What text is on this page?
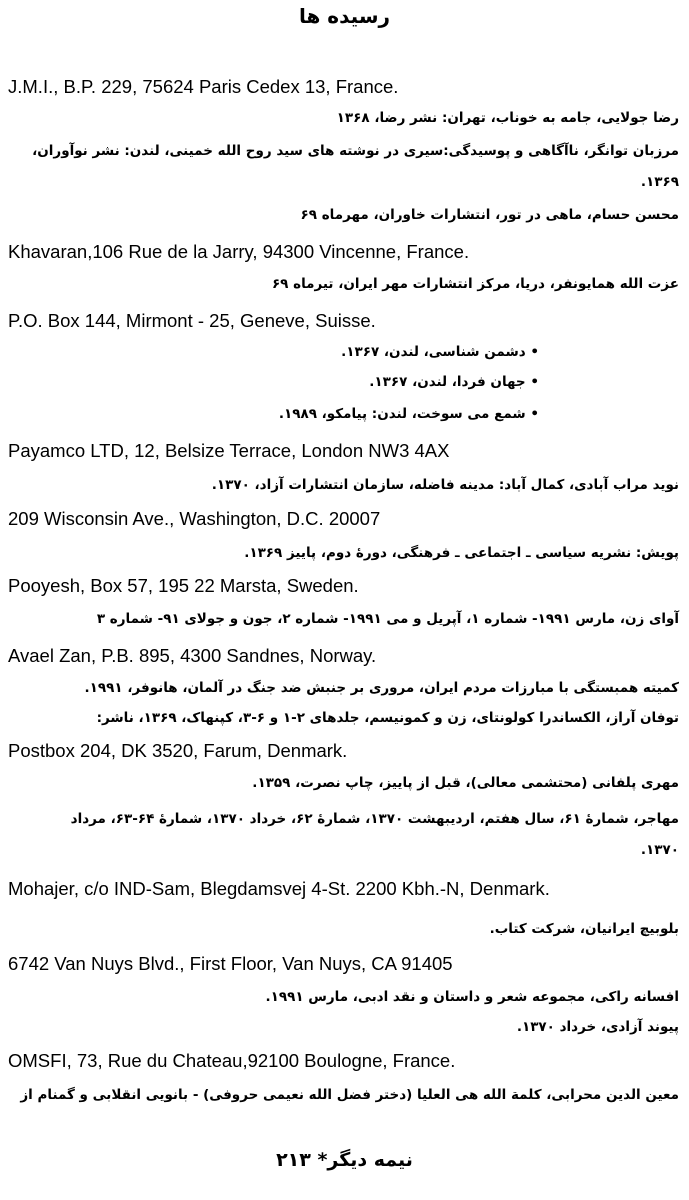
رسیده ها
J.M.I., B.P. 229, 75624 Paris Cedex 13, France.
رضا جولایی، جامه به خوناب، تهران: نشر رضا، ۱۳۶۸
مرزبان توانگر، ناآگاهی و پوسیدگی:سیری در نوشته های سید روح الله خمینی، لندن: نشر نوآوران،
۱۳۶۹.
محسن حسام، ماهی در تور، انتشارات خاوران، مهرماه ۶۹
Khavaran,106 Rue de la Jarry, 94300 Vincenne, France.
عزت الله همایونفر، دریا، مرکز انتشارات مهر ایران، تیرماه ۶۹
P.O. Box 144, Mirmont - 25, Geneve, Suisse.
• دشمن شناسی، لندن، ۱۳۶۷.
• جهان فردا، لندن، ۱۳۶۷.
• شمع می سوخت، لندن: پیامکو، ۱۹۸۹.
Payamco LTD, 12, Belsize Terrace, London NW3 4AX
نوید مراب آبادی، کمال آباد: مدینه فاضله، سازمان انتشارات آزاد، ۱۳۷۰.
209 Wisconsin Ave., Washington, D.C. 20007
پویش: نشریه سیاسی ـ اجتماعی ـ فرهنگی، دورهٔ دوم، پاییز ۱۳۶۹.
Pooyesh, Box 57, 195 22 Marsta, Sweden.
آوای زن، مارس ۱۹۹۱- شماره ۱، آپریل و می ۱۹۹۱- شماره ۲، جون و جولای ۹۱- شماره ۳
Avael Zan, P.B. 895, 4300 Sandnes, Norway.
کمیته همبستگی با مبارزات مردم ایران، مروری بر جنبش ضد جنگ در آلمان، هانوفر، ۱۹۹۱.
توفان آراز، الکساندرا کولونتای، زن و کمونیسم، جلدهای ۲-۱ و ۶-۳، کپنهاک، ۱۳۶۹، ناشر:
Postbox 204, DK 3520, Farum, Denmark.
مهری پلفانی (محتشمی معالی)، قبل از پاییز، چاپ نصرت، ۱۳۵۹.
مهاجر، شمارهٔ ۶۱، سال هفتم، اردیبهشت ۱۳۷۰، شمارهٔ ۶۲، خرداد ۱۳۷۰، شمارهٔ ۶۴-۶۳، مرداد
۱۳۷۰.
Mohajer, c/o IND-Sam, Blegdamsvej 4-St. 2200 Kbh.-N, Denmark.
بلوبیچ ایرانیان، شرکت کتاب.
6742 Van Nuys Blvd., First Floor, Van Nuys, CA 91405
افسانه راکی، مجموعه شعر و داستان و نقد ادبی، مارس ۱۹۹۱.
پیوند آزادی، خرداد ۱۳۷۰.
OMSFI, 73, Rue du Chateau,92100 Boulogne, France.
معین الدین محرابی، کلمة الله هی العلیا (دختر فضل الله نعیمی حروفی) - بانویی انقلابی و گمنام از
نیمه دیگر* ۲۱۳
